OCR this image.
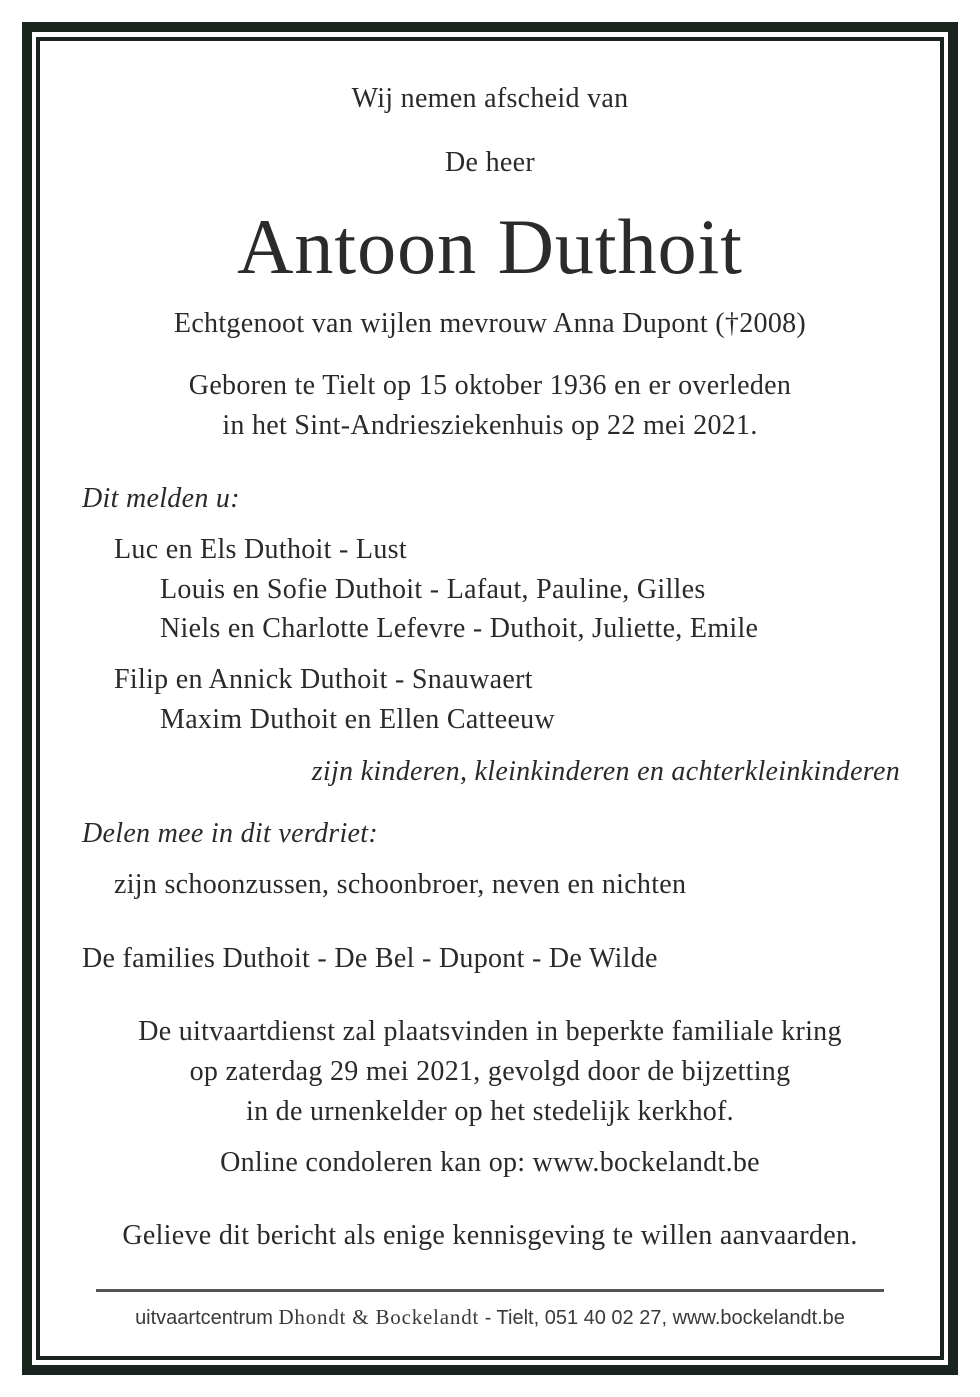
Wij nemen afscheid van
De heer
Antoon Duthoit
Echtgenoot van wijlen mevrouw Anna Dupont (†2008)
Geboren te Tielt op 15 oktober 1936 en er overleden
in het Sint-Andriesziekenhuis op 22 mei 2021.
Dit melden u:
Luc en Els Duthoit - Lust
Louis en Sofie Duthoit - Lafaut, Pauline, Gilles
Niels en Charlotte Lefevre - Duthoit, Juliette, Emile
Filip en Annick Duthoit - Snauwaert
Maxim Duthoit en Ellen Catteeuw
zijn kinderen, kleinkinderen en achterkleinkinderen
Delen mee in dit verdriet:
zijn schoonzussen, schoonbroer, neven en nichten
De families Duthoit - De Bel - Dupont - De Wilde
De uitvaartdienst zal plaatsvinden in beperkte familiale kring
op zaterdag 29 mei 2021, gevolgd door de bijzetting
in de urnenkelder op het stedelijk kerkhof.
Online condoleren kan op: www.bockelandt.be
Gelieve dit bericht als enige kennisgeving te willen aanvaarden.
uitvaartcentrum Dhondt & Bockelandt - Tielt, 051 40 02 27, www.bockelandt.be
